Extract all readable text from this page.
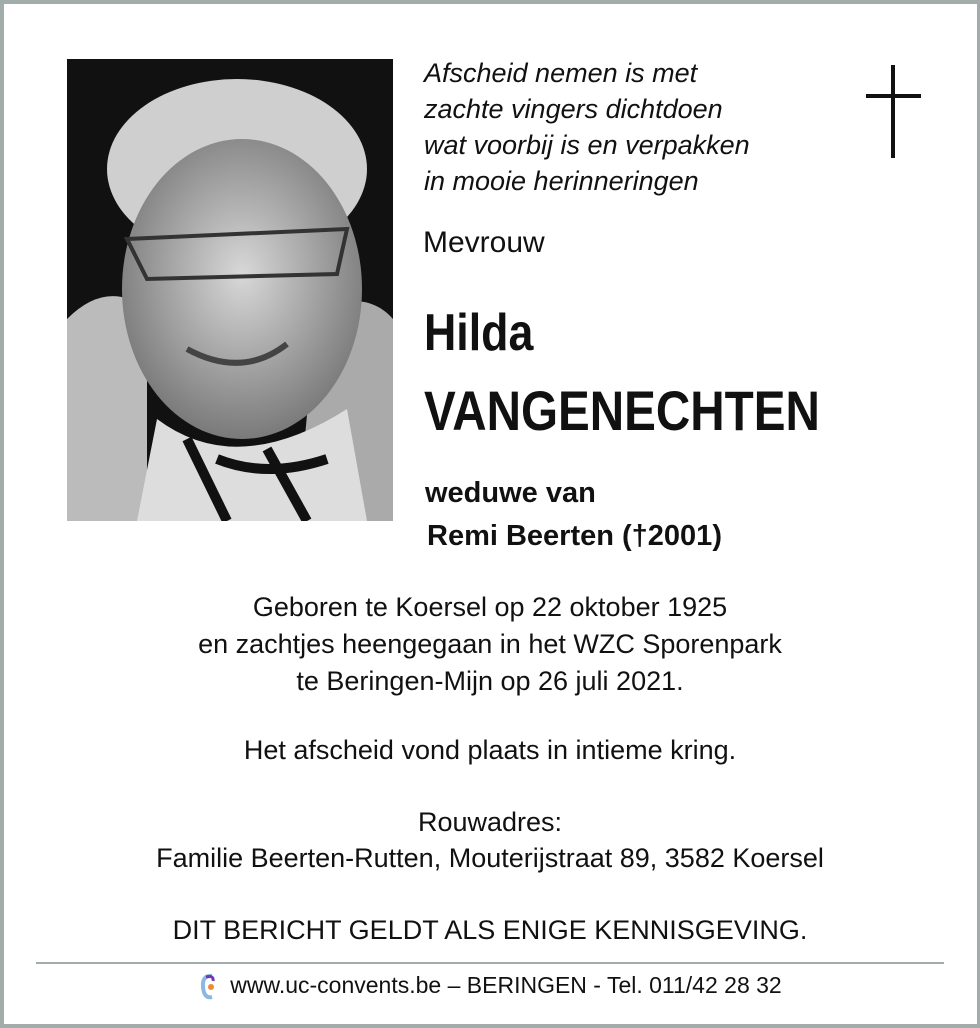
Afscheid nemen is met
zachte vingers dichtdoen
wat voorbij is en verpakken
in mooie herinneringen
Mevrouw
Hilda
VANGENECHTEN
weduwe van
Remi Beerten (†2001)
Geboren te Koersel op 22 oktober 1925
en zachtjes heengegaan in het WZC Sporenpark
te Beringen-Mijn op 26 juli 2021.
Het afscheid vond plaats in intieme kring.
Rouwadres:
Familie Beerten-Rutten, Mouterijstraat 89, 3582 Koersel
DIT BERICHT GELDT ALS ENIGE KENNISGEVING.
www.uc-convents.be – BERINGEN - Tel. 011/42 28 32
